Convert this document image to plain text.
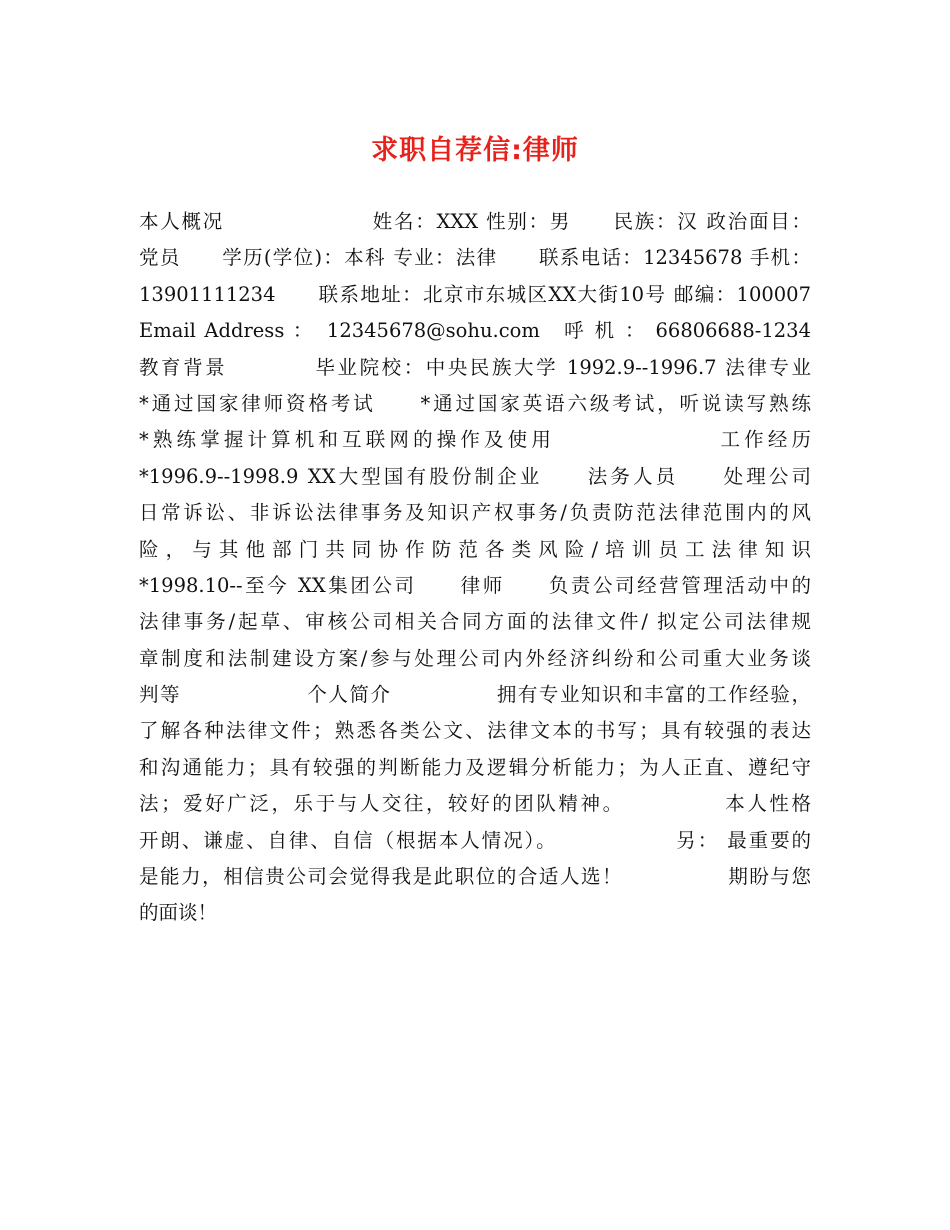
求职自荐信:律师
本人概况　　　　　　　姓名：XXX 性别：男　　民族：汉 政治面目：
党员　　学历(学位)：本科 专业：法律　　联系电话：12345678 手机：
13901111234　　联系地址：北京市东城区XX大街10号 邮编：100007
Email Address ：　12345678@sohu.com　呼 机 ： 66806688-1234
教育背景　　　　毕业院校：中央民族大学 1992.9--1996.7 法律专业
*通过国家律师资格考试　　*通过国家英语六级考试，听说读写熟练
*熟练掌握计算机和互联网的操作及使用　　　　　　　工作经历
*1996.9--1998.9 XX大型国有股份制企业　　法务人员　　处理公司
日常诉讼、非诉讼法律事务及知识产权事务/负责防范法律范围内的风
险，与其他部门共同协作防范各类风险/培训员工法律知识
*1998.10--至今 XX集团公司　　律师　　负责公司经营管理活动中的
法律事务/起草、审核公司相关合同方面的法律文件/ 拟定公司法律规
章制度和法制建设方案/参与处理公司内外经济纠纷和公司重大业务谈
判等　　　　　　个人简介　　　　　拥有专业知识和丰富的工作经验，
了解各种法律文件；熟悉各类公文、法律文本的书写；具有较强的表达
和沟通能力；具有较强的判断能力及逻辑分析能力；为人正直、遵纪守
法；爱好广泛，乐于与人交往，较好的团队精神。　　　　　本人性格
开朗、谦虚、自律、自信（根据本人情况）。　　　　　　另： 最重要的
是能力，相信贵公司会觉得我是此职位的合适人选！　　　　　期盼与您
的面谈！
